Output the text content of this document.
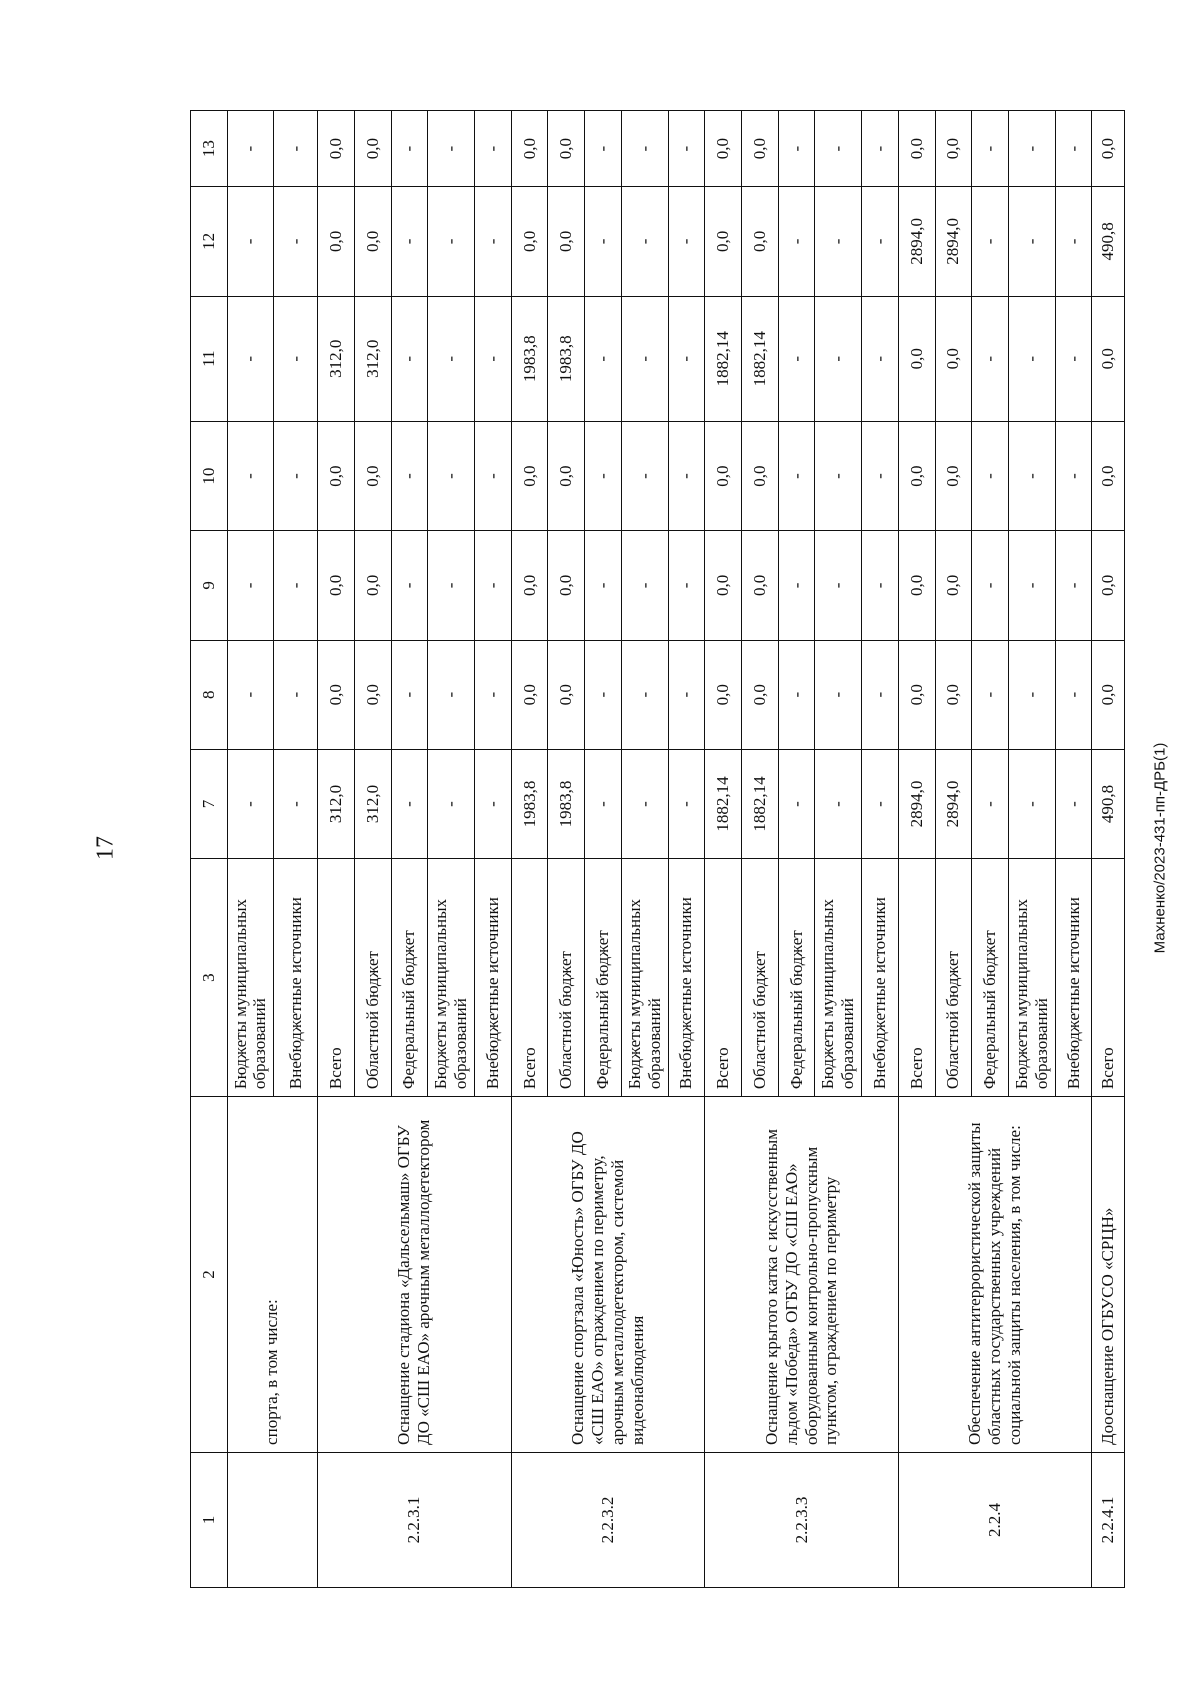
17	Махненко/2023-431-пп-ДРБ(1)
1	2	3	7	8	9	10	11	12	13
	спорта, в том числе:	Бюджеты муниципальных образований	-	-	-	-	-	-	-
		Внебюджетные источники	-	-	-	-	-	-	-
2.2.3.1	Оснащение стадиона «Дальсельмаш» ОГБУ ДО «СШ ЕАО» арочным металлодетектором	Всего	312,0	0,0	0,0	0,0	312,0	0,0	0,0
		Областной бюджет	312,0	0,0	0,0	0,0	312,0	0,0	0,0
		Федеральный бюджет	-	-	-	-	-	-	-
		Бюджеты муниципальных образований	-	-	-	-	-	-	-
		Внебюджетные источники	-	-	-	-	-	-	-
2.2.3.2	Оснащение спортзала «Юность» ОГБУ ДО «СШ ЕАО» ограждением по периметру, арочным металлодетектором, системой видеонаблюдения	Всего	1983,8	0,0	0,0	0,0	1983,8	0,0	0,0
		Областной бюджет	1983,8	0,0	0,0	0,0	1983,8	0,0	0,0
		Федеральный бюджет	-	-	-	-	-	-	-
		Бюджеты муниципальных образований	-	-	-	-	-	-	-
		Внебюджетные источники	-	-	-	-	-	-	-
2.2.3.3	Оснащение крытого катка с искусственным льдом «Победа» ОГБУ ДО «СШ ЕАО» оборудованным контрольно-пропускным пунктом, ограждением по периметру	Всего	1882,14	0,0	0,0	0,0	1882,14	0,0	0,0
		Областной бюджет	1882,14	0,0	0,0	0,0	1882,14	0,0	0,0
		Федеральный бюджет	-	-	-	-	-	-	-
		Бюджеты муниципальных образований	-	-	-	-	-	-	-
		Внебюджетные источники	-	-	-	-	-	-	-
2.2.4	Обеспечение антитеррористической защиты областных государственных учреждений социальной защиты населения, в том числе:	Всего	2894,0	0,0	0,0	0,0	0,0	2894,0	0,0
		Областной бюджет	2894,0	0,0	0,0	0,0	0,0	2894,0	0,0
		Федеральный бюджет	-	-	-	-	-	-	-
		Бюджеты муниципальных образований	-	-	-	-	-	-	-
		Внебюджетные источники	-	-	-	-	-	-	-
2.2.4.1	Дооснащение ОГБУСО «СРЦН»	Всего	490,8	0,0	0,0	0,0	0,0	490,8	0,0
